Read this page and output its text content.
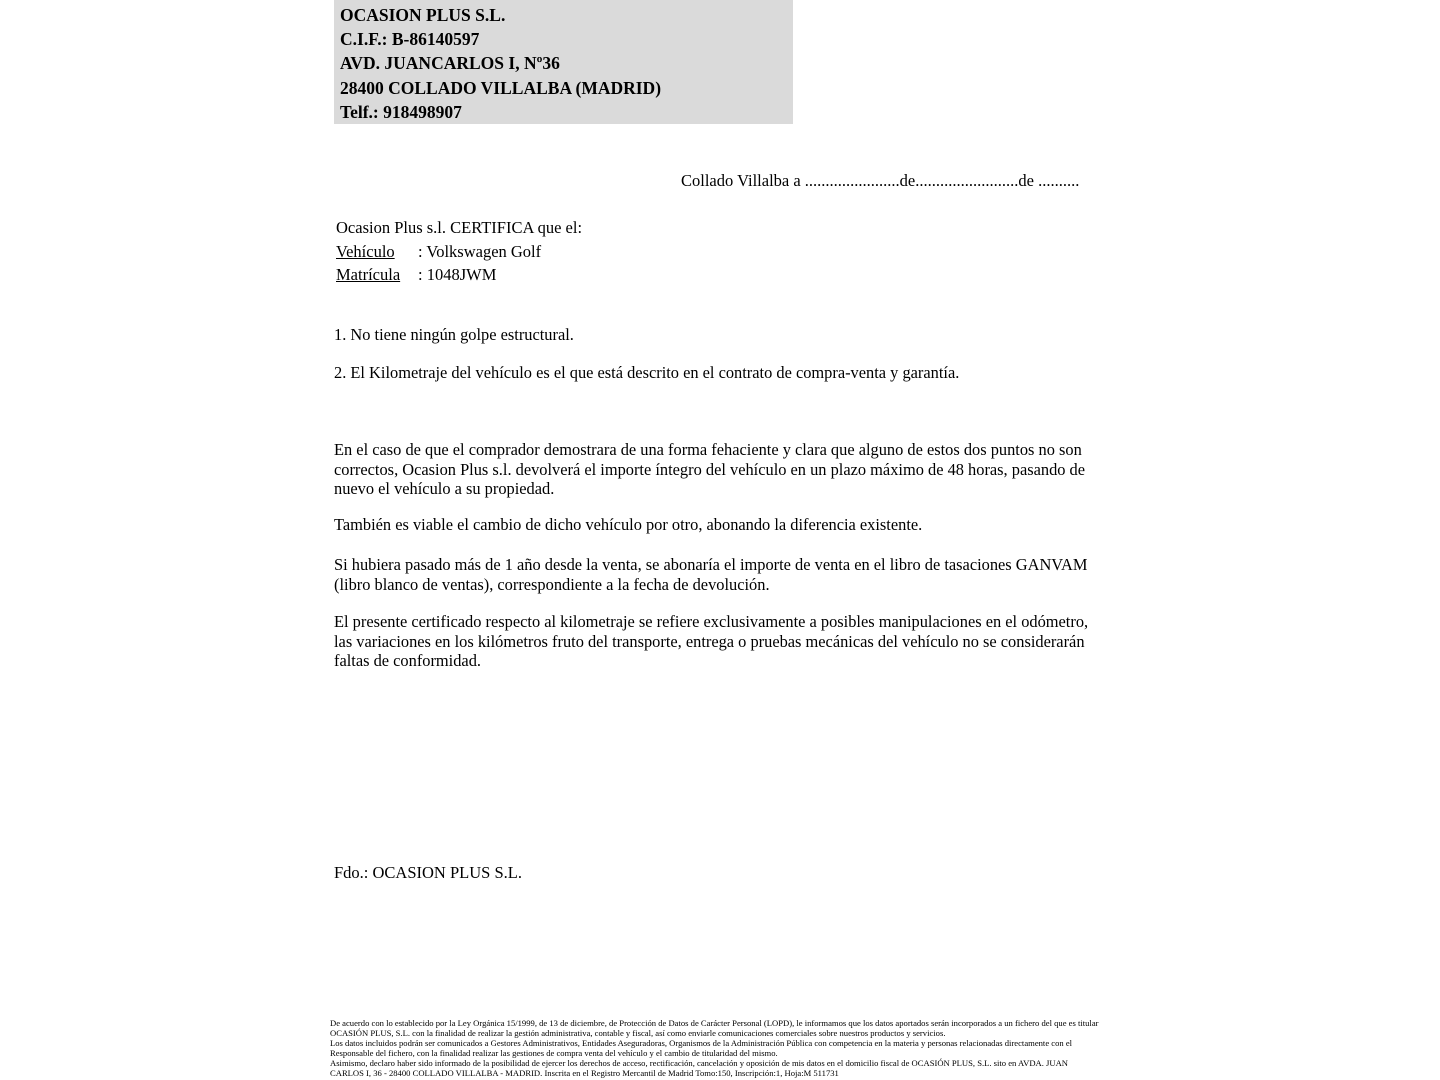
OCASION PLUS S.L.
C.I.F.: B-86140597
AVD. JUANCARLOS I, Nº36
28400 COLLADO VILLALBA (MADRID)
Telf.: 918498907
Collado Villalba a .......................de.........................de ..........
Ocasion Plus s.l. CERTIFICA que el:
Vehículo : Volkswagen Golf
Matrícula : 1048JWM
1. No tiene ningún golpe estructural.
2. El Kilometraje del vehículo es el que está descrito en el contrato de compra-venta y garantía.
En el caso de que el comprador demostrara de una forma fehaciente y clara que alguno de estos dos puntos no son correctos, Ocasion Plus s.l. devolverá el importe íntegro del vehículo en un plazo máximo de 48 horas, pasando de nuevo el vehículo a su propiedad.
También es viable el cambio de dicho vehículo por otro, abonando la diferencia existente.
Si hubiera pasado más de 1 año desde la venta, se abonaría el importe de venta en el libro de tasaciones GANVAM (libro blanco de ventas), correspondiente a la fecha de devolución.
El presente certificado respecto al kilometraje se refiere exclusivamente a posibles manipulaciones en el odómetro, las variaciones en los kilómetros fruto del transporte, entrega o pruebas mecánicas del vehículo no se considerarán faltas de conformidad.
Fdo.: OCASION PLUS S.L.
De acuerdo con lo establecido por la Ley Orgánica 15/1999, de 13 de diciembre, de Protección de Datos de Carácter Personal (LOPD), le informamos que los datos aportados serán incorporados a un fichero del que es titular
OCASIÓN PLUS, S.L. con la finalidad de realizar la gestión administrativa, contable y fiscal, así como enviarle comunicaciones comerciales sobre nuestros productos y servicios.
Los datos incluidos podrán ser comunicados a Gestores Administrativos, Entidades Aseguradoras, Organismos de la Administración Pública con competencia en la materia y personas relacionadas directamente con el
Responsable del fichero, con la finalidad realizar las gestiones de compra venta del vehículo y el cambio de titularidad del mismo.
Asimismo, declaro haber sido informado de la posibilidad de ejercer los derechos de acceso, rectificación, cancelación y oposición de mis datos en el domicilio fiscal de OCASIÓN PLUS, S.L. sito en AVDA. JUAN
CARLOS I, 36 - 28400 COLLADO VILLALBA - MADRID. Inscrita en el Registro Mercantil de Madrid Tomo:150, Inscripción:1, Hoja:M 511731
